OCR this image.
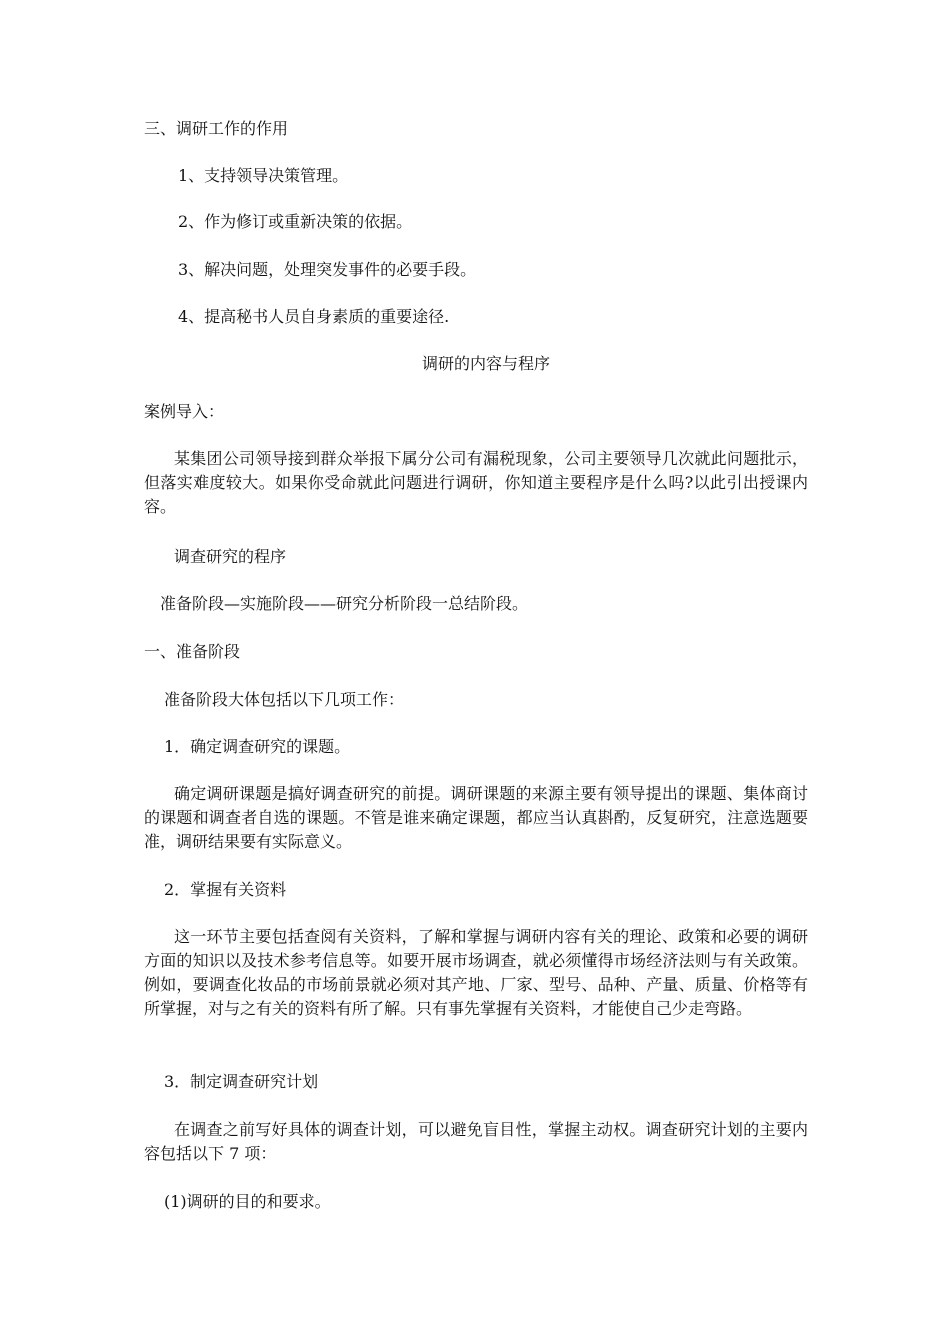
三、调研工作的作用

1、支持领导决策管理。

2、作为修订或重新决策的依据。

3、解决问题，处理突发事件的必要手段。

4、提高秘书人员自身素质的重要途径.

调研的内容与程序

案例导入：

某集团公司领导接到群众举报下属分公司有漏税现象，公司主要领导几次就此问题批示，但落实难度较大。如果你受命就此问题进行调研，你知道主要程序是什么吗?以此引出授课内容。

调查研究的程序

准备阶段—实施阶段——研究分析阶段一总结阶段。

一、准备阶段

准备阶段大体包括以下几项工作：

1．确定调查研究的课题。

确定调研课题是搞好调查研究的前提。调研课题的来源主要有领导提出的课题、集体商讨的课题和调查者自选的课题。不管是谁来确定课题，都应当认真斟酌，反复研究，注意选题要准，调研结果要有实际意义。

2．掌握有关资料

这一环节主要包括查阅有关资料，了解和掌握与调研内容有关的理论、政策和必要的调研方面的知识以及技术参考信息等。如要开展市场调查，就必须懂得市场经济法则与有关政策。例如，要调查化妆品的市场前景就必须对其产地、厂家、型号、品种、产量、质量、价格等有所掌握，对与之有关的资料有所了解。只有事先掌握有关资料，才能使自己少走弯路。

3．制定调查研究计划

在调查之前写好具体的调查计划，可以避免盲目性，掌握主动权。调查研究计划的主要内容包括以下 7 项：

(1)调研的目的和要求。
